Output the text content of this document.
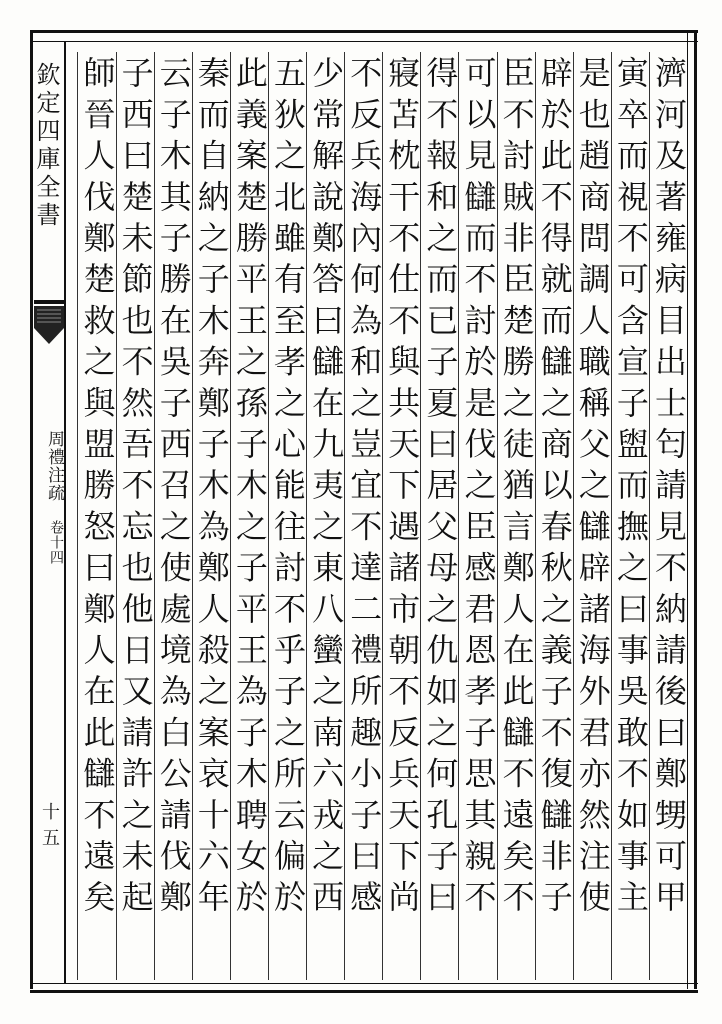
欽定四庫全書
周禮注疏
卷十四
十五	濟河及著雍病目出士匄請見不納請後曰鄭甥可甲
寅卒而視不可含宣子盥而撫之曰事吳敢不如事主
是也趙商問調人職稱父之讎辟諸海外君亦然注使
辟於此不得就而讎之商以春秋之義子不復讎非子
臣不討賊非臣楚勝之徒猶言鄭人在此讎不遠矣不
可以見讎而不討於是伐之臣感君恩孝子思其親不
得不報和之而已子夏曰居父母之仇如之何孔子曰
寢苫枕干不仕不與共天下遇諸市朝不反兵天下尚
不反兵海內何為和之豈宜不達二禮所趣小子曰感
少常解說鄭答曰讎在九夷之東八蠻之南六戎之西
五狄之北雖有至孝之心能往討不乎子之所云偏於
此義案楚勝平王之孫子木之子平王為子木聘女於
秦而自納之子木奔鄭子木為鄭人殺之案哀十六年
云子木其子勝在吳子西召之使處境為白公請伐鄭
子西曰楚未節也不然吾不忘也他日又請許之未起
師晉人伐鄭楚救之與盟勝怒曰鄭人在此讎不遠矣
